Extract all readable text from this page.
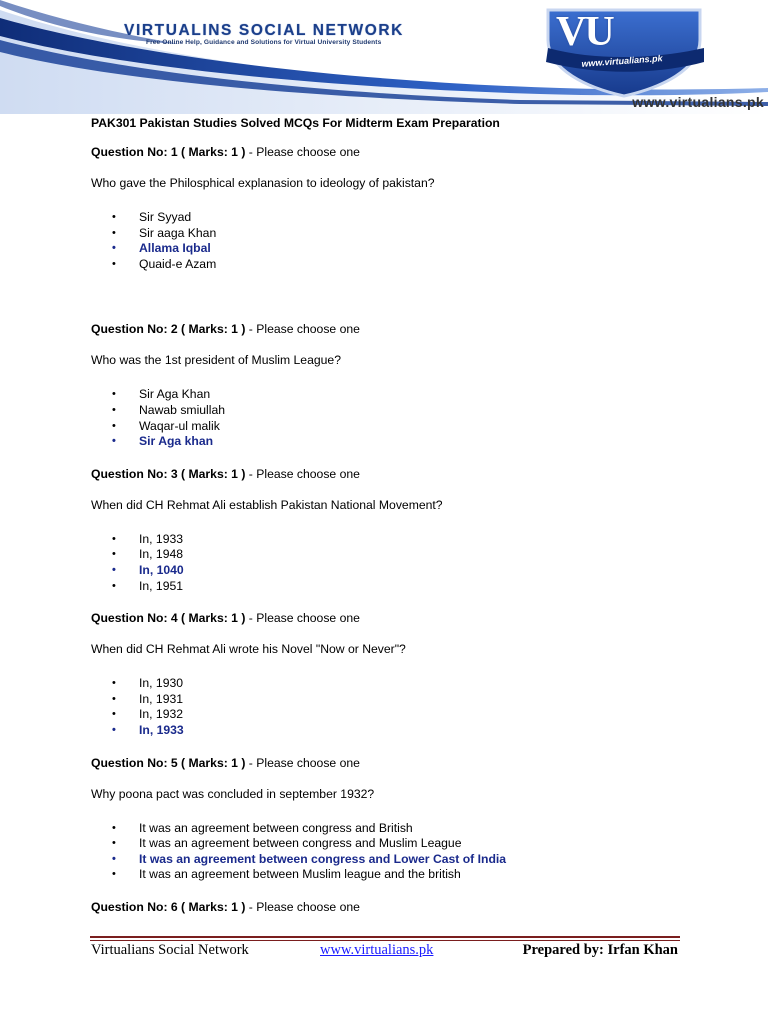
VIRTUALINS SOCIAL NETWORK
Free Online Help, Guidance and Solutions for Virtual University Students	VU
www.virtualians.pk
www.virtualians.pk
PAK301 Pakistan Studies Solved MCQs For Midterm Exam Preparation
Question No: 1 ( Marks: 1 ) - Please choose one
Who gave the Philosphical explanasion to ideology of pakistan?
• Sir Syyad
• Sir aaga Khan
• Allama Iqbal
• Quaid-e Azam
Question No: 2 ( Marks: 1 ) - Please choose one
Who was the 1st president of Muslim League?
• Sir Aga Khan
• Nawab smiullah
• Waqar-ul malik
• Sir Aga khan
Question No: 3 ( Marks: 1 ) - Please choose one
When did CH Rehmat Ali establish Pakistan National Movement?
• In, 1933
• In, 1948
• In, 1040
• In, 1951
Question No: 4 ( Marks: 1 ) - Please choose one
When did CH Rehmat Ali wrote his Novel "Now or Never"?
• In, 1930
• In, 1931
• In, 1932
• In, 1933
Question No: 5 ( Marks: 1 ) - Please choose one
Why poona pact was concluded in september 1932?
• It was an agreement between congress and British
• It was an agreement between congress and Muslim League
• It was an agreement between congress and Lower Cast of India
• It was an agreement between Muslim league and the british
Question No: 6 ( Marks: 1 ) - Please choose one
Virtualians Social Network	www.virtualians.pk	Prepared by: Irfan Khan
